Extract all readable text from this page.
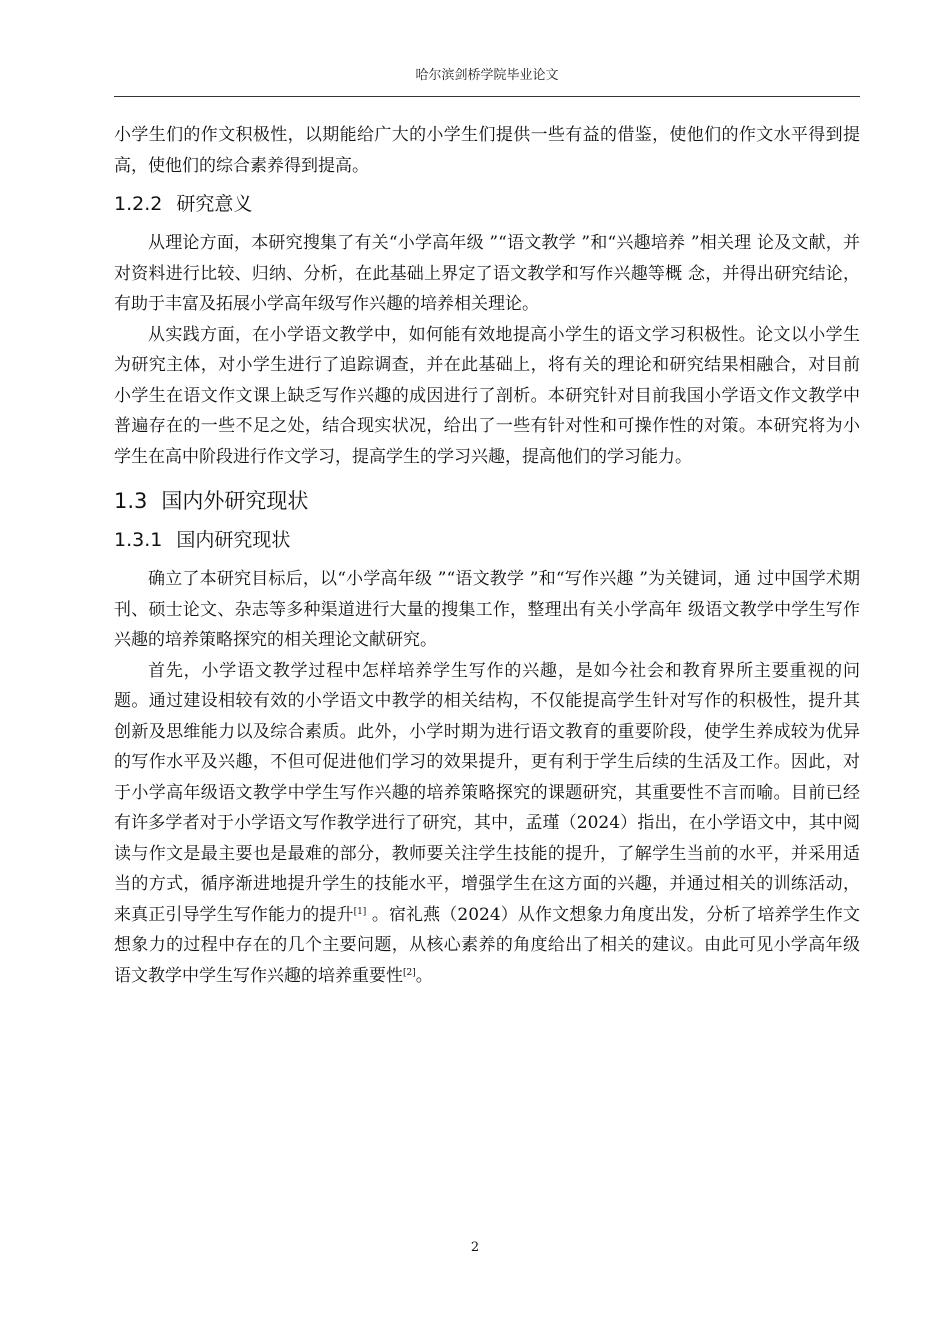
哈尔滨剑桥学院毕业论文

小学生们的作文积极性，以期能给广大的小学生们提供一些有益的借鉴，使他们的作文水平得到提高，使他们的综合素养得到提高。

1.2.2 研究意义

从理论方面，本研究搜集了有关“小学高年级 ”“语文教学 ”和“兴趣培养 ”相关理 论及文献，并对资料进行比较、归纳、分析，在此基础上界定了语文教学和写作兴趣等概 念，并得出研究结论，有助于丰富及拓展小学高年级写作兴趣的培养相关理论。

从实践方面，在小学语文教学中，如何能有效地提高小学生的语文学习积极性。论文以小学生为研究主体，对小学生进行了追踪调查，并在此基础上，将有关的理论和研究结果相融合，对目前小学生在语文作文课上缺乏写作兴趣的成因进行了剖析。本研究针对目前我国小学语文作文教学中普遍存在的一些不足之处，结合现实状况，给出了一些有针对性和可操作性的对策。本研究将为小学生在高中阶段进行作文学习，提高学生的学习兴趣，提高他们的学习能力。

1.3 国内外研究现状
1.3.1 国内研究现状

确立了本研究目标后，以“小学高年级 ”“语文教学 ”和“写作兴趣 ”为关键词，通 过中国学术期刊、硕士论文、杂志等多种渠道进行大量的搜集工作，整理出有关小学高年 级语文教学中学生写作兴趣的培养策略探究的相关理论文献研究。

首先，小学语文教学过程中怎样培养学生写作的兴趣，是如今社会和教育界所主要重视的问题。通过建设相较有效的小学语文中教学的相关结构，不仅能提高学生针对写作的积极性，提升其创新及思维能力以及综合素质。此外，小学时期为进行语文教育的重要阶段，使学生养成较为优异的写作水平及兴趣，不但可促进他们学习的效果提升，更有利于学生后续的生活及工作。因此，对于小学高年级语文教学中学生写作兴趣的培养策略探究的课题研究，其重要性不言而喻。目前已经有许多学者对于小学语文写作教学进行了研究，其中，孟瑾（2024）指出，在小学语文中，其中阅读与作文是最主要也是最难的部分，教师要关注学生技能的提升，了解学生当前的水平，并采用适当的方式，循序渐进地提升学生的技能水平，增强学生在这方面的兴趣，并通过相关的训练活动，来真正引导学生写作能力的提升[1] 。宿礼燕（2024）从作文想象力角度出发，分析了培养学生作文想象力的过程中存在的几个主要问题，从核心素养的角度给出了相关的建议。由此可见小学高年级语文教学中学生写作兴趣的培养重要性[2]。

2
